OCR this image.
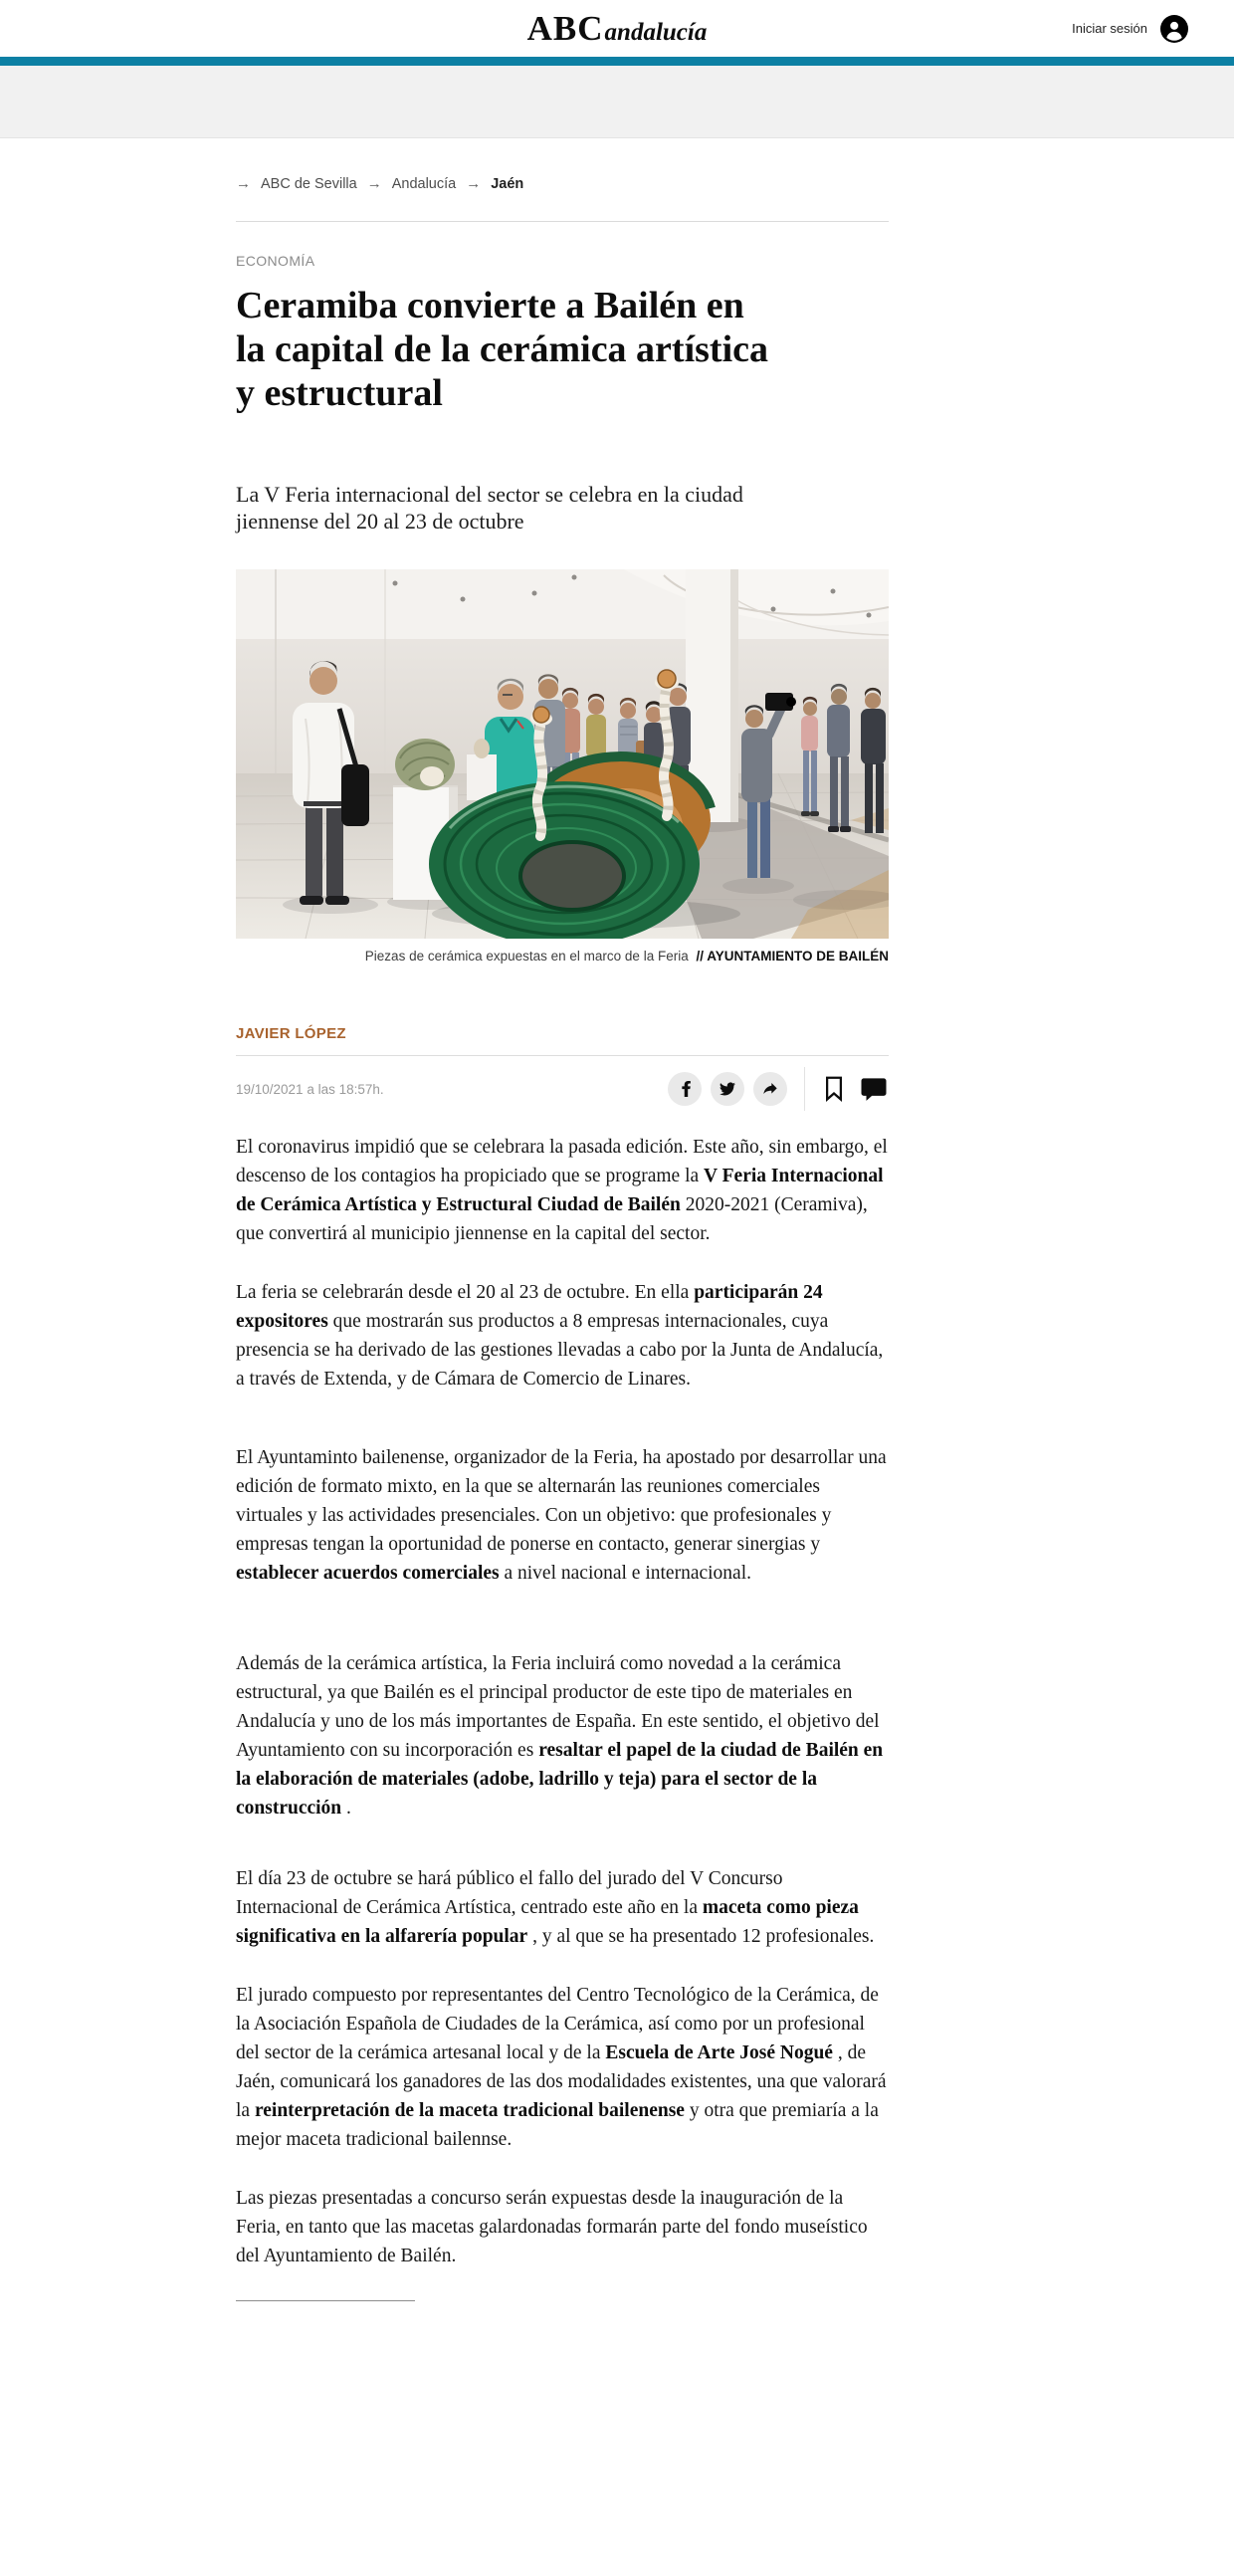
ABCandalucía	Iniciar sesión
→ ABC de Sevilla → Andalucía → Jaén
ECONOMÍA
Ceramiba convierte a Bailén en la capital de la cerámica artística y estructural

La V Feria internacional del sector se celebra en la ciudad jiennense del 20 al 23 de octubre

Piezas de cerámica expuestas en el marco de la Feria // AYUNTAMIENTO DE BAILÉN
JAVIER LÓPEZ
19/10/2021 a las 18:57h.

El coronavirus impidió que se celebrara la pasada edición. Este año, sin embargo, el descenso de los contagios ha propiciado que se programe la V Feria Internacional de Cerámica Artística y Estructural Ciudad de Bailén 2020-2021 (Ceramiva), que convertirá al municipio jiennense en la capital del sector.

La feria se celebrarán desde el 20 al 23 de octubre. En ella participarán 24 expositores que mostrarán sus productos a 8 empresas internacionales, cuya presencia se ha derivado de las gestiones llevadas a cabo por la Junta de Andalucía, a través de Extenda, y de Cámara de Comercio de Linares.

El Ayuntaminto bailenense, organizador de la Feria, ha apostado por desarrollar una edición de formato mixto, en la que se alternarán las reuniones comerciales virtuales y las actividades presenciales. Con un objetivo: que profesionales y empresas tengan la oportunidad de ponerse en contacto, generar sinergias y establecer acuerdos comerciales a nivel nacional e internacional.

Además de la cerámica artística, la Feria incluirá como novedad a la cerámica estructural, ya que Bailén es el principal productor de este tipo de materiales en Andalucía y uno de los más importantes de España. En este sentido, el objetivo del Ayuntamiento con su incorporación es resaltar el papel de la ciudad de Bailén en la elaboración de materiales (adobe, ladrillo y teja) para el sector de la construcción .

El día 23 de octubre se hará público el fallo del jurado del V Concurso Internacional de Cerámica Artística, centrado este año en la maceta como pieza significativa en la alfarería popular , y al que se ha presentado 12 profesionales.

El jurado compuesto por representantes del Centro Tecnológico de la Cerámica, de la Asociación Española de Ciudades de la Cerámica, así como por un profesional del sector de la cerámica artesanal local y de la Escuela de Arte José Nogué , de Jaén, comunicará los ganadores de las dos modalidades existentes, una que valorará la reinterpretación de la maceta tradicional bailenense y otra que premiaría a la mejor maceta tradicional bailennse.

Las piezas presentadas a concurso serán expuestas desde la inauguración de la Feria, en tanto que las macetas galardonadas formarán parte del fondo museístico del Ayuntamiento de Bailén.
